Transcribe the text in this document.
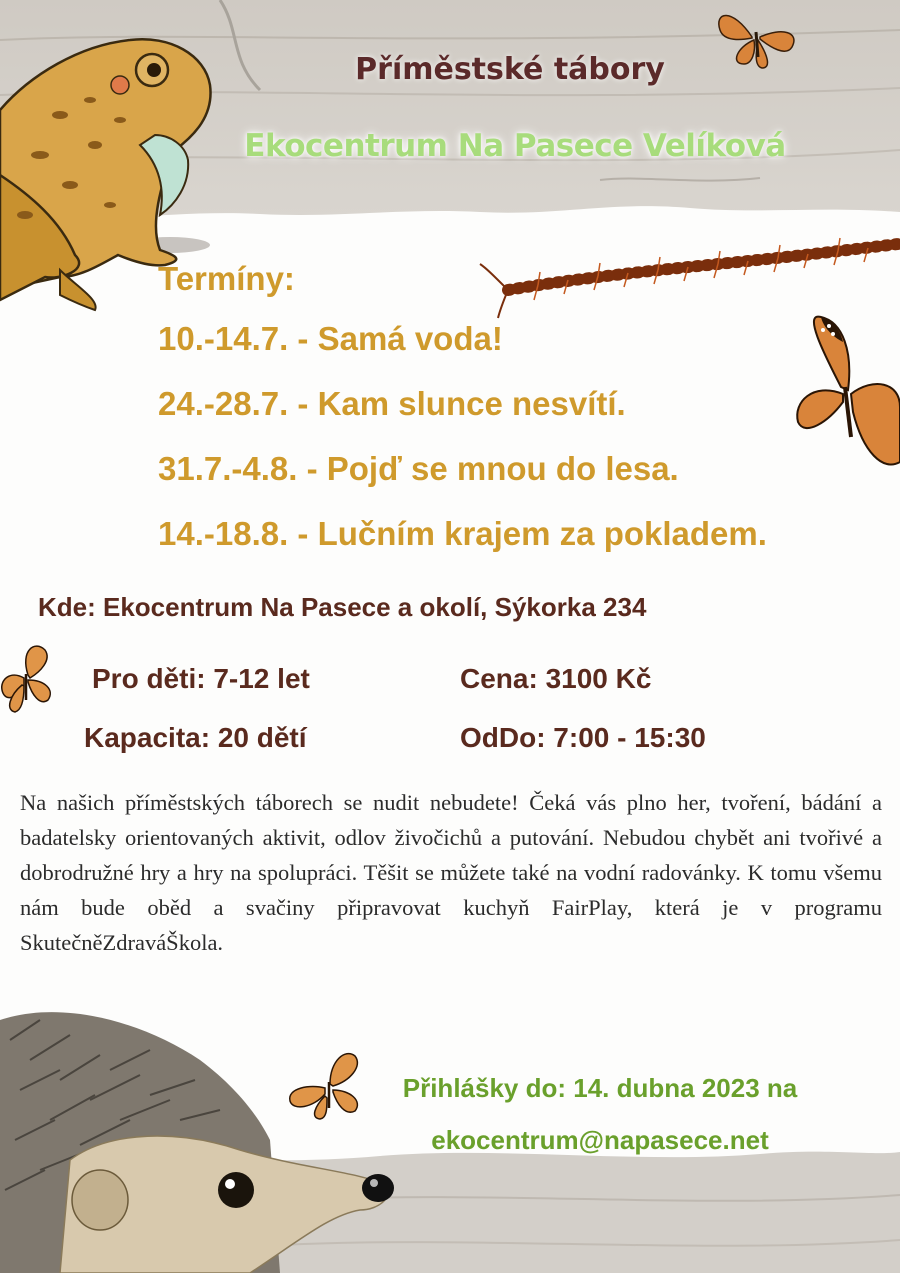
Příměstské tábory
Ekocentrum Na Pasece Velíková
Termíny:
10.-14.7. - Samá voda!
24.-28.7. - Kam slunce nesvítí.
31.7.-4.8. - Pojď se mnou do lesa.
14.-18.8. - Lučním krajem za pokladem.

Kde: Ekocentrum Na Pasece a okolí, Sýkorka 234

Pro děti: 7-12 let	Cena: 3100 Kč

Kapacita: 20 dětí	OdDo: 7:00 - 15:30

Na našich příměstských táborech se nudit nebudete! Čeká vás plno her, tvoření, bádání a badatelsky orientovaných aktivit, odlov živočichů a putování. Nebudou chybět ani tvořivé a dobrodružné hry a hry na spolupráci. Těšit se můžete také na vodní radovánky. K tomu všemu nám bude oběd a svačiny připravovat kuchyň FairPlay, která je v programu SkutečněZdraváŠkola.

Přihlášky do: 14. dubna 2023 na

ekocentrum@napasece.net
